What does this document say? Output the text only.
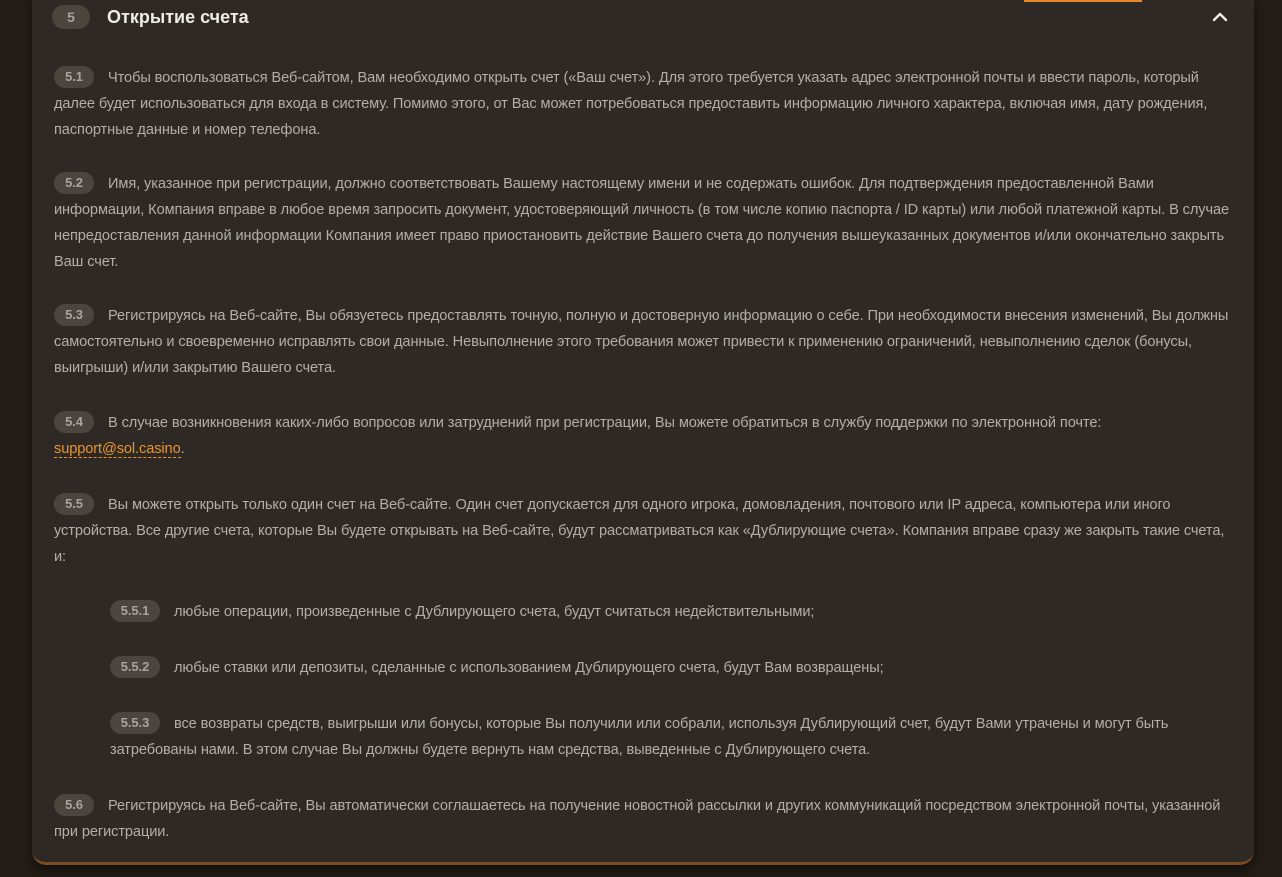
5	Открытие счета
5.1 Чтобы воспользоваться Веб-сайтом, Вам необходимо открыть счет («Ваш счет»). Для этого требуется указать адрес электронной почты и ввести пароль, который далее будет использоваться для входа в систему. Помимо этого, от Вас может потребоваться предоставить информацию личного характера, включая имя, дату рождения, паспортные данные и номер телефона.
5.2 Имя, указанное при регистрации, должно соответствовать Вашему настоящему имени и не содержать ошибок. Для подтверждения предоставленной Вами информации, Компания вправе в любое время запросить документ, удостоверяющий личность (в том числе копию паспорта / ID карты) или любой платежной карты. В случае непредоставления данной информации Компания имеет право приостановить действие Вашего счета до получения вышеуказанных документов и/или окончательно закрыть Ваш счет.
5.3 Регистрируясь на Веб-сайте, Вы обязуетесь предоставлять точную, полную и достоверную информацию о себе. При необходимости внесения изменений, Вы должны самостоятельно и своевременно исправлять свои данные. Невыполнение этого требования может привести к применению ограничений, невыполнению сделок (бонусы, выигрыши) и/или закрытию Вашего счета.
5.4 В случае возникновения каких-либо вопросов или затруднений при регистрации, Вы можете обратиться в службу поддержки по электронной почте: support@sol.casino.
5.5 Вы можете открыть только один счет на Веб-сайте. Один счет допускается для одного игрока, домовладения, почтового или IP адреса, компьютера или иного устройства. Все другие счета, которые Вы будете открывать на Веб-сайте, будут рассматриваться как «Дублирующие счета». Компания вправе сразу же закрыть такие счета, и:
5.5.1 любые операции, произведенные с Дублирующего счета, будут считаться недействительными;
5.5.2 любые ставки или депозиты, сделанные с использованием Дублирующего счета, будут Вам возвращены;
5.5.3 все возвраты средств, выигрыши или бонусы, которые Вы получили или собрали, используя Дублирующий счет, будут Вами утрачены и могут быть затребованы нами. В этом случае Вы должны будете вернуть нам средства, выведенные с Дублирующего счета.
5.6 Регистрируясь на Веб-сайте, Вы автоматически соглашаетесь на получение новостной рассылки и других коммуникаций посредством электронной почты, указанной при регистрации.
